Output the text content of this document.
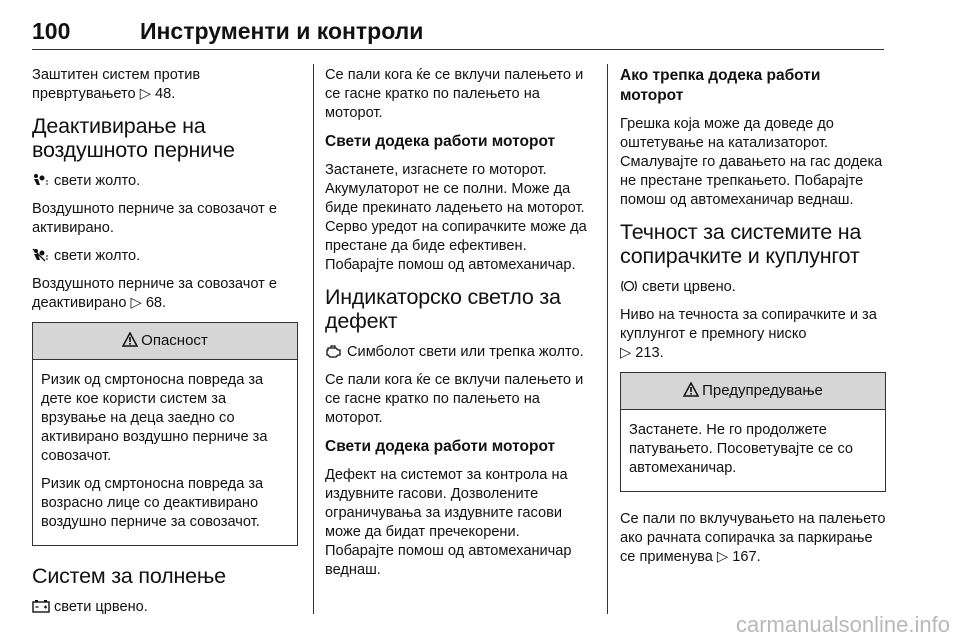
100	Инструменти и контроли

Заштитен систем против превртувањето ▷ 48.

Деактивирање на воздушното перниче

свети жолто.

Воздушното перниче за совозачот е активирано.

свети жолто.

Воздушното перниче за совозачот е деактивирано ▷ 68.

Опасност

Ризик од смртоносна повреда за дете кое користи систем за врзување на деца заедно со активирано воздушно перниче за совозачот.

Ризик од смртоносна повреда за возрасно лице со деактивирано воздушно перниче за совозачот.

Систем за полнење

свети црвено.

Се пали кога ќе се вклучи палењето и се гасне кратко по палењето на моторот.

Свети додека работи моторот

Застанете, изгаснете го моторот. Акумулаторот не се полни. Може да биде прекинато ладењето на моторот. Серво уредот на сопирачките може да престане да биде ефективен. Побарајте помош од автомеханичар.

Индикаторско светло за дефект

Симболот свети или трепка жолто.

Се пали кога ќе се вклучи палењето и се гасне кратко по палењето на моторот.

Свети додека работи моторот

Дефект на системот за контрола на издувните гасови. Дозволените ограничувања за издувните гасови може да бидат пречекорени. Побарајте помош од автомеханичар веднаш.

Ако трепка додека работи моторот

Грешка која може да доведе до оштетување на катализаторот. Смалувајте го давањето на гас додека не престане трепкањето. Побарајте помош од автомеханичар веднаш.

Течност за системите на сопирачките и куплунгот

свети црвено.

Ниво на течноста за сопирачките и за куплунгот е премногу ниско
▷ 213.

Предупредување

Застанете. Не го продолжете патувањето. Посоветувајте се со автомеханичар.

Се пали по вклучувањето на палењето ако рачната сопирачка за паркирање се применува ▷ 167.

carmanualsonline.info
